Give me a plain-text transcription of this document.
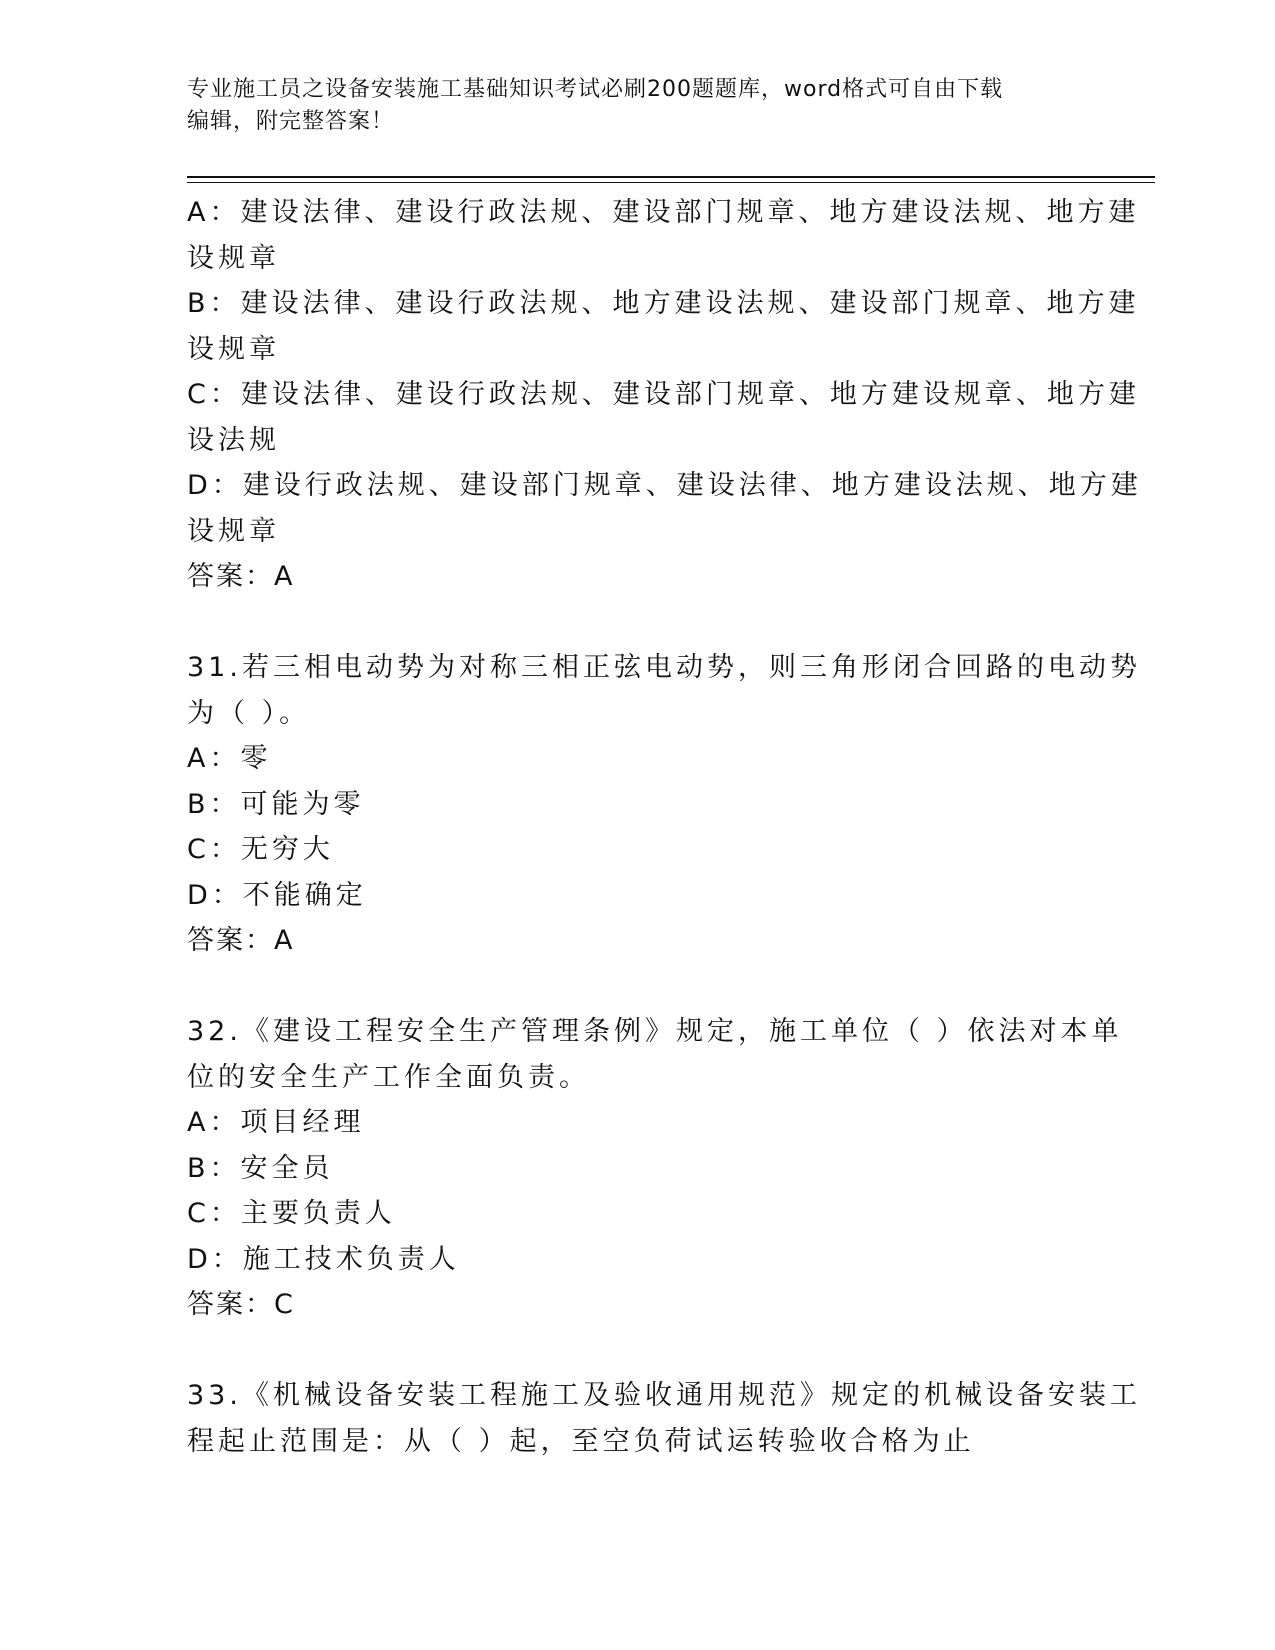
专业施工员之设备安装施工基础知识考试必刷200题题库，word格式可自由下载
编辑，附完整答案！
A：建设法律、建设行政法规、建设部门规章、地方建设法规、地方建
设规章
B：建设法律、建设行政法规、地方建设法规、建设部门规章、地方建
设规章
C：建设法律、建设行政法规、建设部门规章、地方建设规章、地方建
设法规
D：建设行政法规、建设部门规章、建设法律、地方建设法规、地方建
设规章
答案：A
31.若三相电动势为对称三相正弦电动势，则三角形闭合回路的电动势
为（ ）。
A：零
B：可能为零
C：无穷大
D：不能确定
答案：A
32.《建设工程安全生产管理条例》规定，施工单位（ ）依法对本单
位的安全生产工作全面负责。
A：项目经理
B：安全员
C：主要负责人
D：施工技术负责人
答案：C
33.《机械设备安装工程施工及验收通用规范》规定的机械设备安装工
程起止范围是：从（ ）起，至空负荷试运转验收合格为止
